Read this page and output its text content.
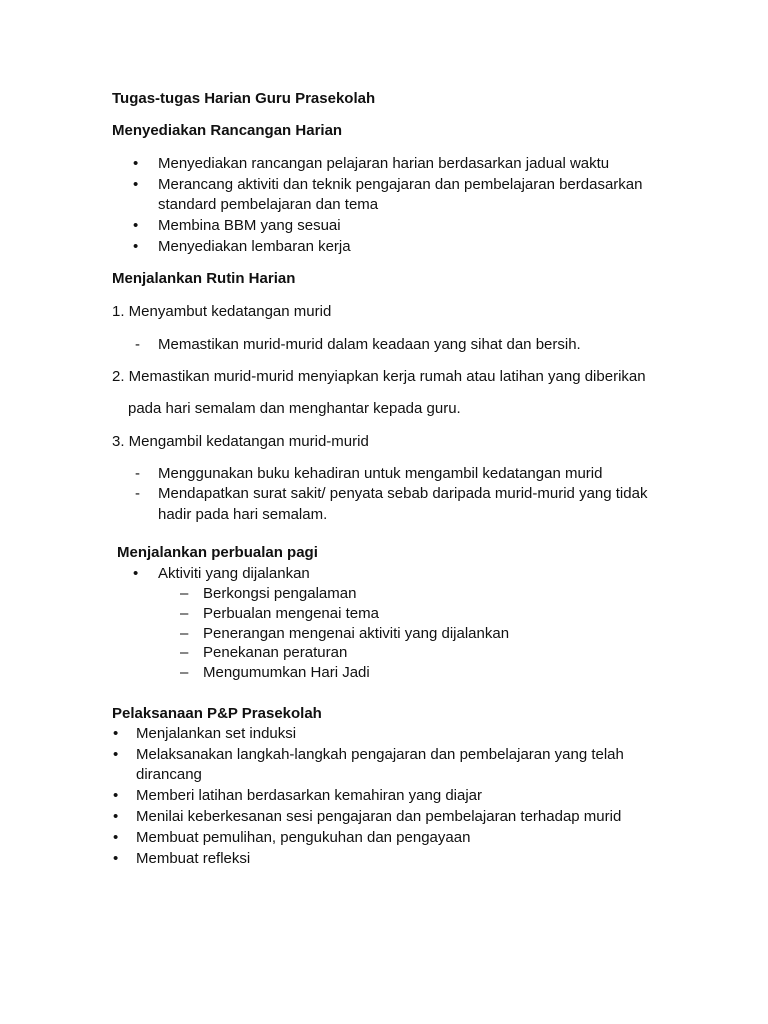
Tugas-tugas Harian Guru Prasekolah
Menyediakan Rancangan Harian
• Menyediakan rancangan pelajaran harian berdasarkan jadual waktu
• Merancang aktiviti dan teknik pengajaran dan pembelajaran berdasarkan
standard pembelajaran dan tema
• Membina BBM yang sesuai
• Menyediakan lembaran kerja
Menjalankan Rutin Harian
1. Menyambut kedatangan murid
- Memastikan murid-murid dalam keadaan yang sihat dan bersih.
2. Memastikan murid-murid menyiapkan kerja rumah atau latihan yang diberikan
pada hari semalam dan menghantar kepada guru.
3. Mengambil kedatangan murid-murid
- Menggunakan buku kehadiran untuk mengambil kedatangan murid
- Mendapatkan surat sakit/ penyata sebab daripada murid-murid yang tidak
hadir pada hari semalam.
Menjalankan perbualan pagi
• Aktiviti yang dijalankan
– Berkongsi pengalaman
– Perbualan mengenai tema
– Penerangan mengenai aktiviti yang dijalankan
– Penekanan peraturan
– Mengumumkan Hari Jadi
Pelaksanaan P&P Prasekolah
• Menjalankan set induksi
• Melaksanakan langkah-langkah pengajaran dan pembelajaran yang telah
dirancang
• Memberi latihan berdasarkan kemahiran yang diajar
• Menilai keberkesanan sesi pengajaran dan pembelajaran terhadap murid
• Membuat pemulihan, pengukuhan dan pengayaan
• Membuat refleksi
